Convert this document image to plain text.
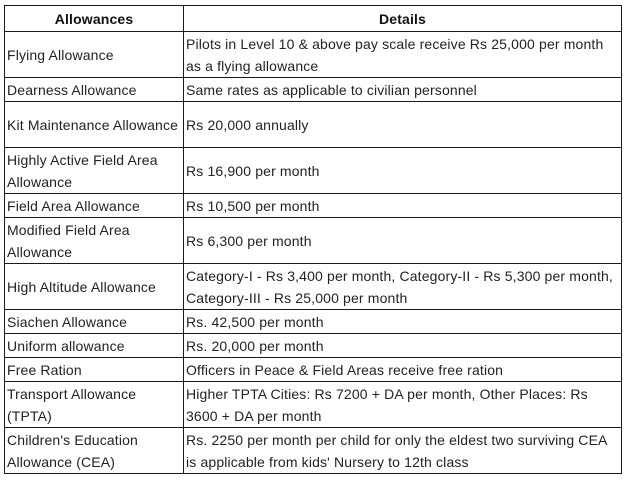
Allowances	Details
Flying Allowance	Pilots in Level 10 & above pay scale receive Rs 25,000 per month as a flying allowance
Dearness Allowance	Same rates as applicable to civilian personnel
Kit Maintenance Allowance	Rs 20,000 annually
Highly Active Field Area Allowance	Rs 16,900 per month
Field Area Allowance	Rs 10,500 per month
Modified Field Area Allowance	Rs 6,300 per month
High Altitude Allowance	Category-I - Rs 3,400 per month, Category-II - Rs 5,300 per month, Category-III - Rs 25,000 per month
Siachen Allowance	Rs. 42,500 per month
Uniform allowance	Rs. 20,000 per month
Free Ration	Officers in Peace & Field Areas receive free ration
Transport Allowance (TPTA)	Higher TPTA Cities: Rs 7200 + DA per month, Other Places: Rs 3600 + DA per month
Children's Education Allowance (CEA)	Rs. 2250 per month per child for only the eldest two surviving CEA is applicable from kids' Nursery to 12th class
